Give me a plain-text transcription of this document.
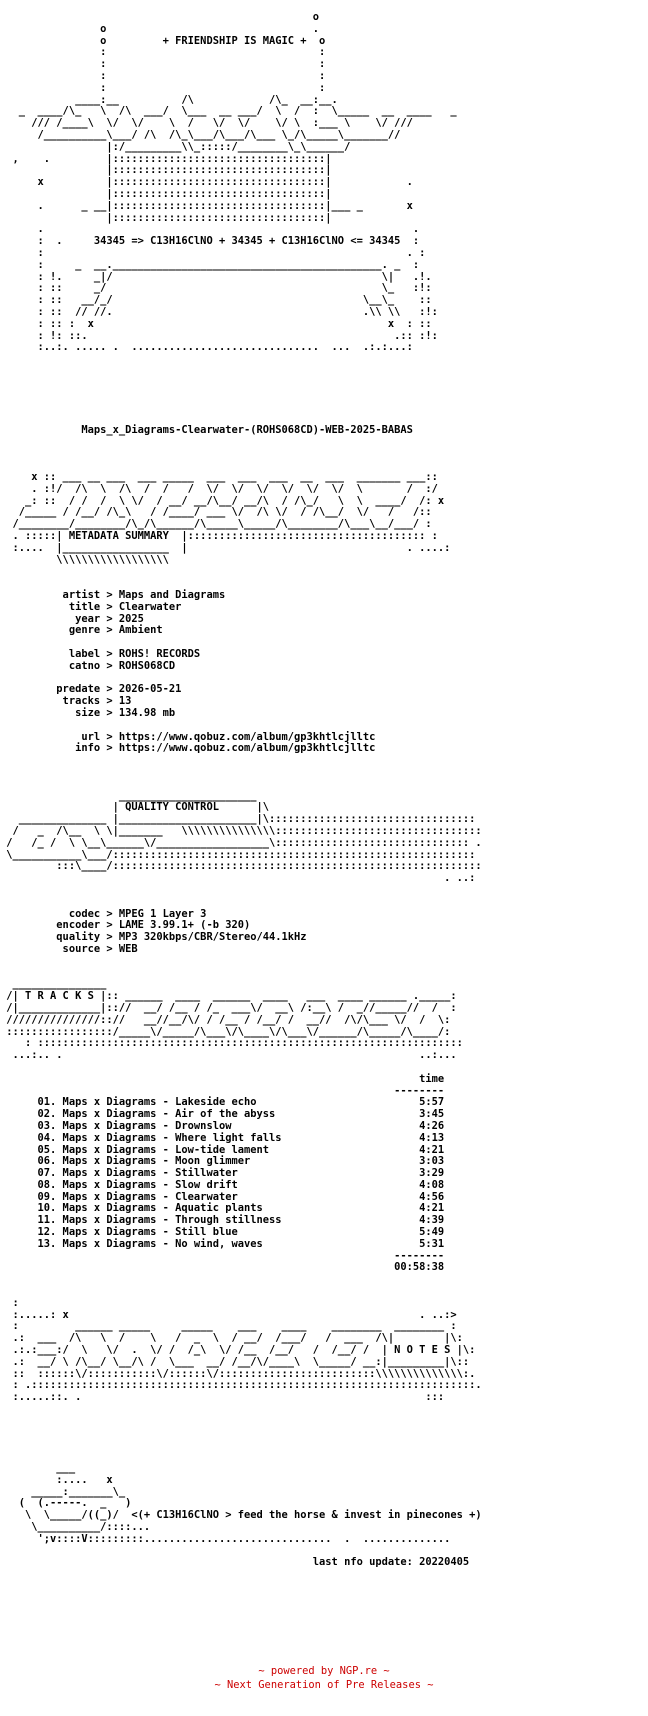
o
o                                 .
o         + FRIENDSHIP IS MAGIC +  o
:                                  :
:                                  :
:                                  :
:                                  :
____:__          /\            /\_  __:__.
_  ____/\_   \  /\  ___/  \___  __ ___/  \  /  :  \_____  __  ____   _
/// /____\  \/  \/    \  /   \/  \/    \/ \  :___ \    \/ ///
/__________\___/ /\  /\_\___/\___/\___ \_/\_____\_______//
|:/_________\\_:::::/________\_\______/
,    .         |::::::::::::::::::::::::::::::::::|
|::::::::::::::::::::::::::::::::::|
x          |::::::::::::::::::::::::::::::::::|            .
|::::::::::::::::::::::::::::::::::|
.      _ __|::::::::::::::::::::::::::::::::::|___ _       x
|::::::::::::::::::::::::::::::::::|
.                                                           .
:  .     34345 => C13H16ClNO + 34345 + C13H16ClNO <= 34345  :
:                                                          . :
:     _  __.___________________________________________. _  :
: !.     _|/                                           \|   .!.
: ::     _/                                            \_   :!:
: ::   __/_/                                        \__\_    ::
: ::  // //.                                        .\\ \\   :!:
: :: :  x                                               x  : ::
: !: ::.                                                 .:: :!:
:..:. ..... .  ..............................  ...  .:.:...:

Maps_x_Diagrams-Clearwater-(ROHS068CD)-WEB-2025-BABAS

x :: ___ __ ___  ___ _____  ___  ___  ___  __  ___  _______ ___::
. :!/  /\  \  /\  /  /   /  \/  \/  \/  \/  \/  \/  \       /  :/
_: ::  / /  /  \ \/  / __/ __/\__/ __/\  / /\_/   \  \  ____/  /: x
/_____ / /__/ /\_\   / /____/ ___ \/  /\ \/  / /\__/  \/   /   /::
/________/________/\_/\______/\_____\_____/\________/\___\__/___/ :
. :::::| METADATA SUMMARY  |:::::::::::::::::::::::::::::::::::::: :
:....  |_________________  |                                   . ....:
\\\\\\\\\\\\\\\\\\

artist > Maps and Diagrams
title > Clearwater
year > 2025
genre > Ambient

label > ROHS! RECORDS
catno > ROHS068CD

predate > 2026-05-21
tracks > 13
size > 134.98 mb

url > https://www.qobuz.com/album/gp3khtlcjlltc
info > https://www.qobuz.com/album/gp3khtlcjlltc

______________________
| QUALITY CONTROL      |\
______________ |______________________|\:::::::::::::::::::::::::::::::::
/   _  /\__  \ \|_______   \\\\\\\\\\\\\\\:::::::::::::::::::::::::::::::::
/   /_ /  \ \__\______\/__________________\::::::::::::::::::::::::::::::: .
\___________\___/::::::::::::::::::::::::::::::::::::::::::::::::::::::::::
:::\____/:::::::::::::::::::::::::::::::::::::::::::::::::::::::::::
. ..:

codec > MPEG 1 Layer 3
encoder > LAME 3.99.1+ (-b 320)
quality > MP3 320kbps/CBR/Stereo/44.1kHz
source > WEB

_______________
/| T R A C K S |:: ______  ____  ______  ____   ___  ____ ______ ._____:
/|_____________|:://  __/ /__ / /_  ___\/  __\ /:__\ /  _//_____//  /  :
///////////////:://   __//__/\/ / /__ / /__/ /  __//  /\/\___ \/  /  \:
:::::::::::::::::/_____\/_____/\___\/\____\/\___\/______/\_____/\____/:
: ::::::::::::::::::::::::::::::::::::::::::::::::::::::::::::::::::::
...:.. .                                                         ..:...

time
--------
01. Maps x Diagrams - Lakeside echo                          5:57
02. Maps x Diagrams - Air of the abyss                       3:45
03. Maps x Diagrams - Drownslow                              4:26
04. Maps x Diagrams - Where light falls                      4:13
05. Maps x Diagrams - Low-tide lament                        4:21
06. Maps x Diagrams - Moon glimmer                           3:03
07. Maps x Diagrams - Stillwater                             3:29
08. Maps x Diagrams - Slow drift                             4:08
09. Maps x Diagrams - Clearwater                             4:56
10. Maps x Diagrams - Aquatic plants                         4:21
11. Maps x Diagrams - Through stillness                      4:39
12. Maps x Diagrams - Still blue                             5:49
13. Maps x Diagrams - No wind, waves                         5:31
--------
00:58:38

:
:.....: x                                                        . ..:>
:         ______ _____     _____    ___    ____    ________  ________ :
.:  ___  /\   \  /    \   /  _  \  / __/  /___/   /  ___  /\|        |\:
.:.:___:/  \   \/  .  \/ /  /_\  \/ /__  /__/   /  /__/ /  | N O T E S |\:
.:  __/ \ /\__/ \__/\ /  \___  __/ /__/\/____\  \_____/ __:|_________|\::
::  ::::::\/:::::::::::\/::::::\/:::::::::::::::::::::::::\\\\\\\\\\\\\\:.
: .:::::::::::::::::::::::::::::::::::::::::::::::::::::::::::::::::::::::.
:.....::. .                                                       :::

___
:....   x
_____:_______\_
(  (.-----.  _   )
\  \_____/((_)/  <(+ C13H16ClNO > feed the horse & invest in pinecones +)
\__________/::::...
';v::::V:::::::::..............................  .  ..............

last nfo update: 20220405
~ powered by NGP.re ~
~ Next Generation of Pre Releases ~
